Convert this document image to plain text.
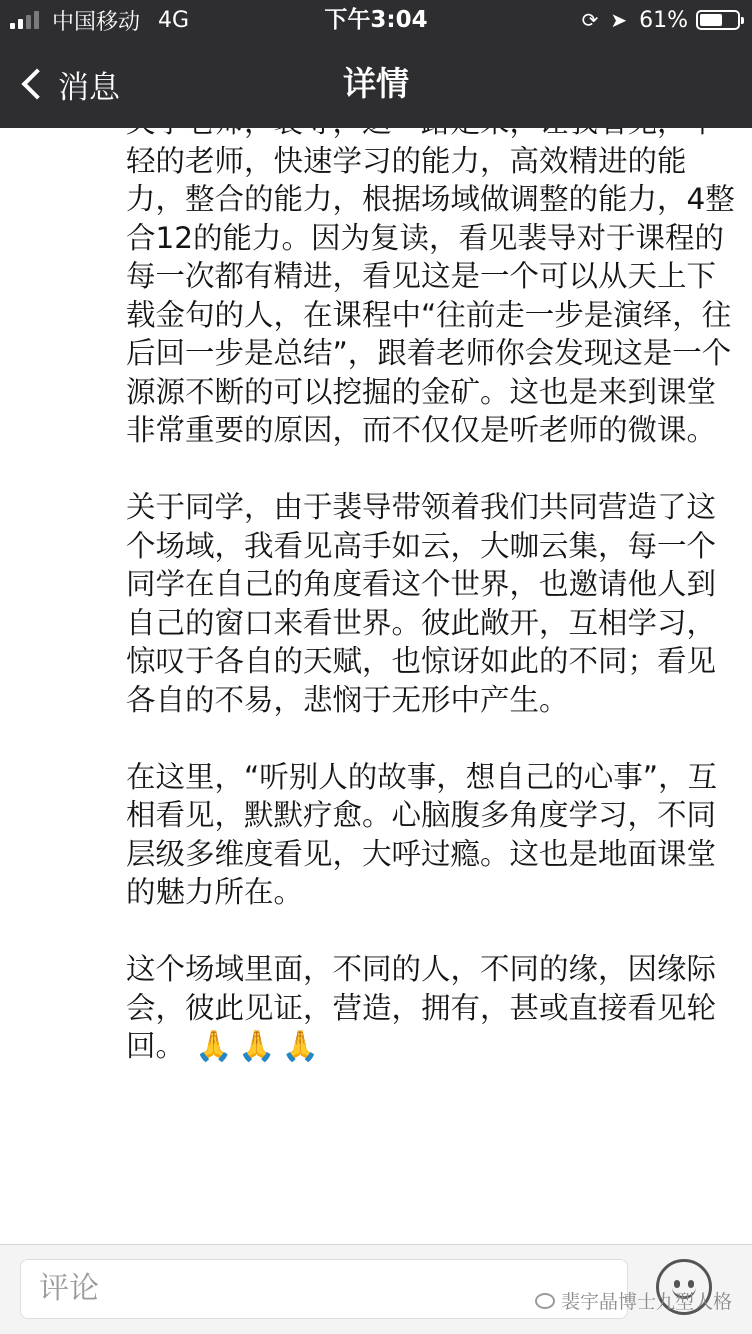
中国移动 4G	下午3:04	⟳ ➤ 61%
消息	详情

轻的老师，快速学习的能力，高效精进的能力，整合的能力，根据场域做调整的能力，4整合12的能力。因为复读，看见裴导对于课程的每一次都有精进，看见这是一个可以从天上下载金句的人，在课程中“往前走一步是演绎，往后回一步是总结”，跟着老师你会发现这是一个源源不断的可以挖掘的金矿。这也是来到课堂非常重要的原因，而不仅仅是听老师的微课。

关于同学，由于裴导带领着我们共同营造了这个场域，我看见高手如云，大咖云集，每一个同学在自己的角度看这个世界，也邀请他人到自己的窗口来看世界。彼此敞开，互相学习，惊叹于各自的天赋，也惊讶如此的不同；看见各自的不易，悲悯于无形中产生。

在这里，“听别人的故事，想自己的心事”，互相看见，默默疗愈。心脑腹多角度学习，不同层级多维度看见，大呼过瘾。这也是地面课堂的魅力所在。

这个场域里面，不同的人，不同的缘，因缘际会，彼此见证，营造，拥有，甚或直接看见轮回。 🙏 🙏 🙏

评论	裴宇晶博士九型人格
